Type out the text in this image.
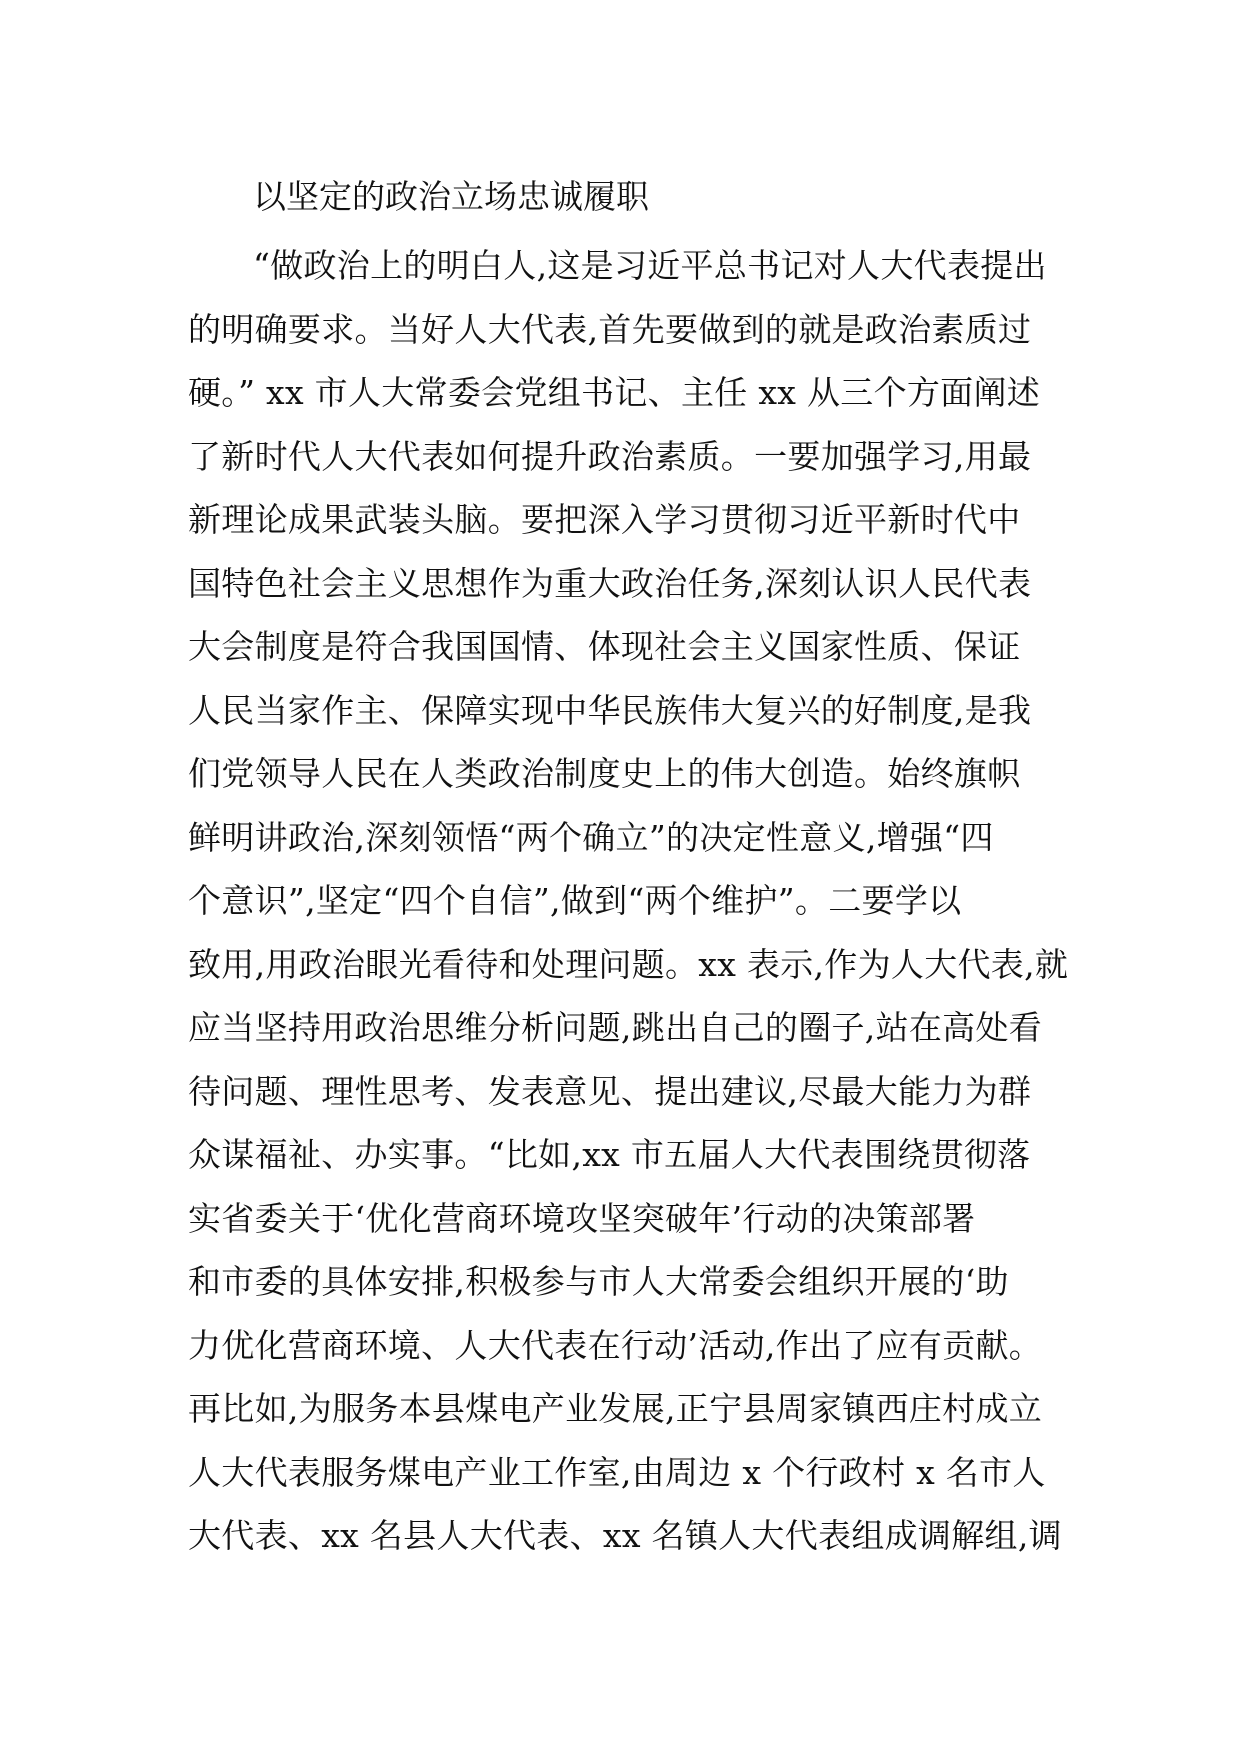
以坚定的政治立场忠诚履职
“做政治上的明白人,这是习近平总书记对人大代表提出
的明确要求。当好人大代表,首先要做到的就是政治素质过
硬。” xx 市人大常委会党组书记、主任 xx 从三个方面阐述
了新时代人大代表如何提升政治素质。一要加强学习,用最
新理论成果武装头脑。要把深入学习贯彻习近平新时代中
国特色社会主义思想作为重大政治任务,深刻认识人民代表
大会制度是符合我国国情、体现社会主义国家性质、保证
人民当家作主、保障实现中华民族伟大复兴的好制度,是我
们党领导人民在人类政治制度史上的伟大创造。始终旗帜
鲜明讲政治,深刻领悟“两个确立”的决定性意义,增强“四
个意识”,坚定“四个自信”,做到“两个维护”。二要学以
致用,用政治眼光看待和处理问题。xx 表示,作为人大代表,就
应当坚持用政治思维分析问题,跳出自己的圈子,站在高处看
待问题、理性思考、发表意见、提出建议,尽最大能力为群
众谋福祉、办实事。“比如,xx 市五届人大代表围绕贯彻落
实省委关于‘优化营商环境攻坚突破年’行动的决策部署
和市委的具体安排,积极参与市人大常委会组织开展的‘助
力优化营商环境、人大代表在行动’活动,作出了应有贡献。
再比如,为服务本县煤电产业发展,正宁县周家镇西庄村成立
人大代表服务煤电产业工作室,由周边 x 个行政村 x 名市人
大代表、xx 名县人大代表、xx 名镇人大代表组成调解组,调
